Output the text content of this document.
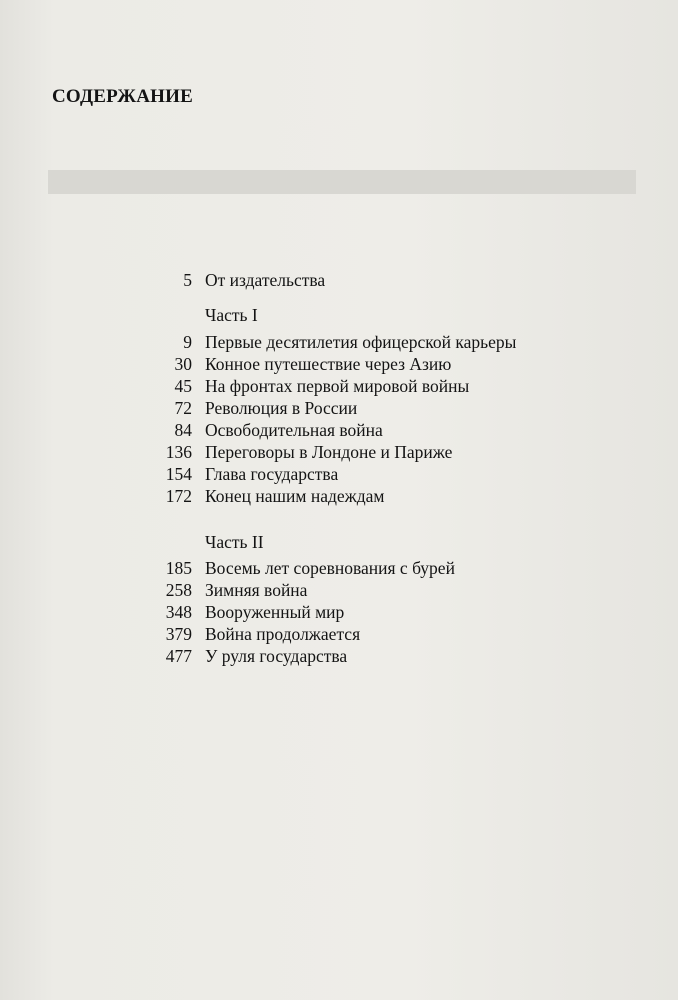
СОДЕРЖАНИЕ
5 От издательства
Часть I
9 Первые десятилетия офицерской карьеры
30 Конное путешествие через Азию
45 На фронтах первой мировой войны
72 Революция в России
84 Освободительная война
136 Переговоры в Лондоне и Париже
154 Глава государства
172 Конец нашим надеждам
Часть II
185 Восемь лет соревнования с бурей
258 Зимняя война
348 Вооруженный мир
379 Война продолжается
477 У руля государства
